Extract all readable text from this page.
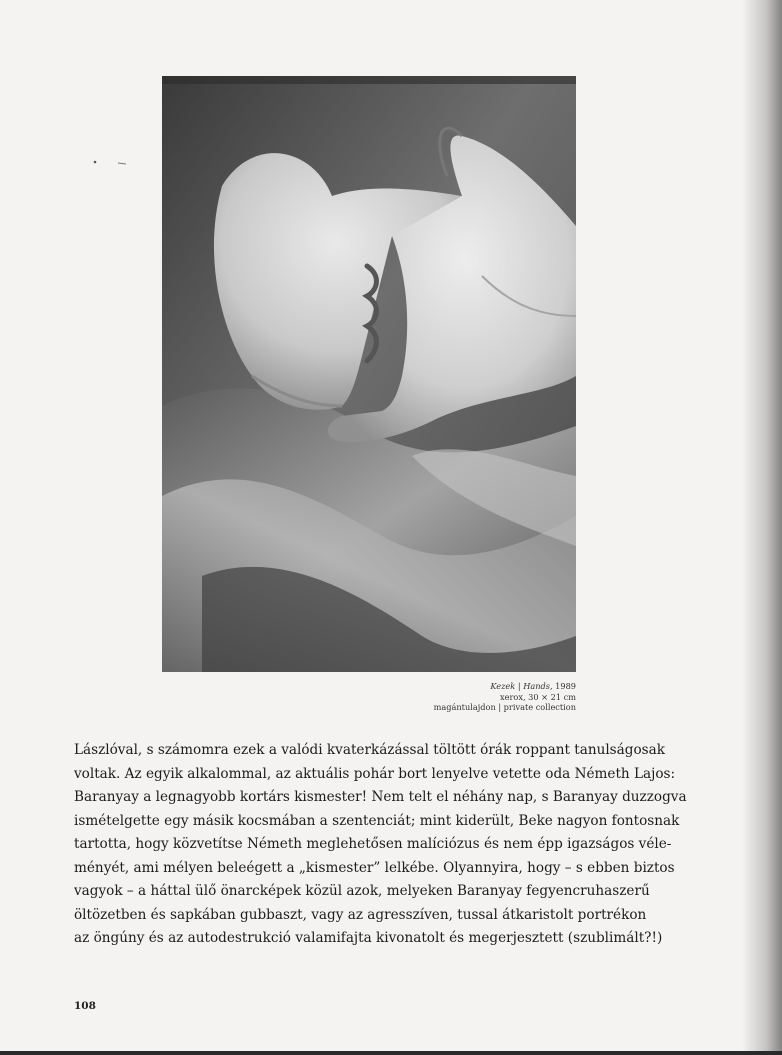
Kezek | Hands, 1989
xerox, 30 × 21 cm
magántulajdon | private collection
Lászlóval, s számomra ezek a valódi kvaterkázással töltött órák roppant tanulságosak
voltak. Az egyik alkalommal, az aktuális pohár bort lenyelve vetette oda Németh Lajos:
Baranyay a legnagyobb kortárs kismester! Nem telt el néhány nap, s Baranyay duzzogva
ismételgette egy másik kocsmában a szentenciát; mint kiderült, Beke nagyon fontosnak
tartotta, hogy közvetítse Németh meglehetősen malíciózus és nem épp igazságos véle-
ményét, ami mélyen beleégett a „kismester” lelkébe. Olyannyira, hogy – s ebben biztos
vagyok – a háttal ülő önarcképek közül azok, melyeken Baranyay fegyencruhaszerű
öltözetben és sapkában gubbaszt, vagy az agresszíven, tussal átkaristolt portrékon
az öngúny és az autodestrukció valamifajta kivonatolt és megerjesztett (szublimált?!)
108
